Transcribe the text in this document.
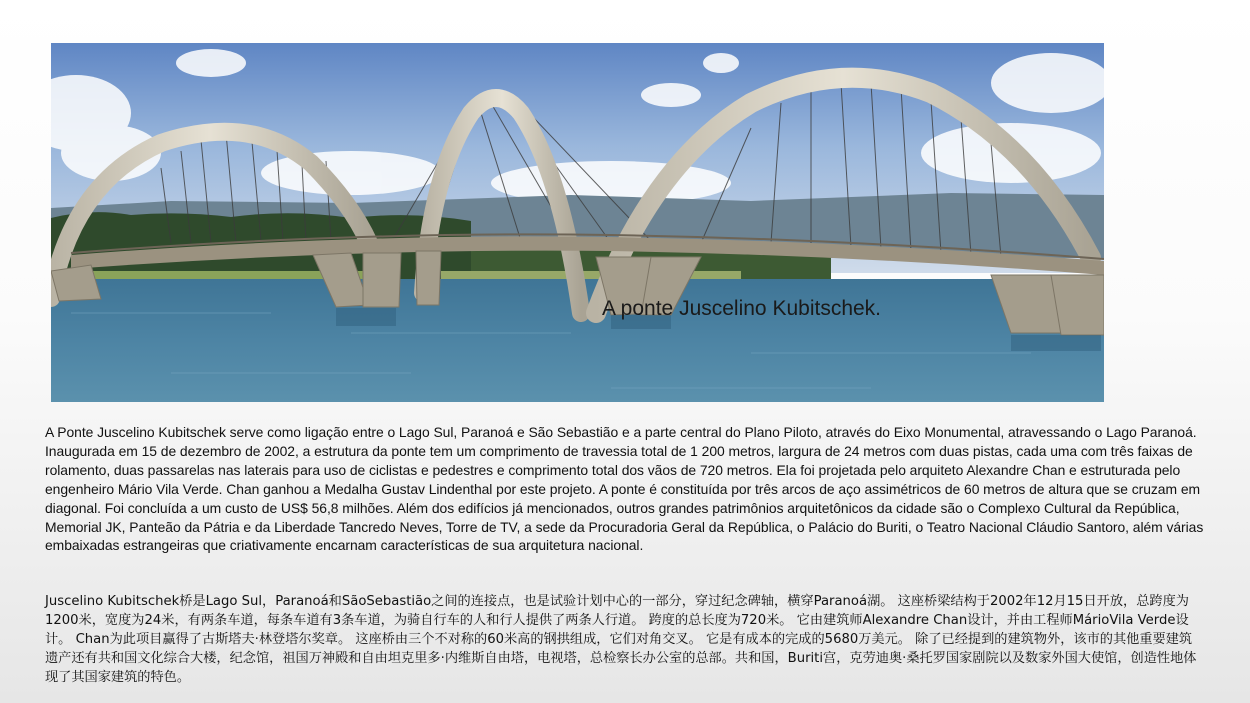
A ponte Juscelino Kubitschek.

A Ponte Juscelino Kubitschek serve como ligação entre o Lago Sul, Paranoá e São Sebastião e a parte central do Plano Piloto, através do Eixo Monumental, atravessando o Lago Paranoá. Inaugurada em 15 de dezembro de 2002, a estrutura da ponte tem um comprimento de travessia total de 1 200 metros, largura de 24 metros com duas pistas, cada uma com três faixas de rolamento, duas passarelas nas laterais para uso de ciclistas e pedestres e comprimento total dos vãos de 720 metros. Ela foi projetada pelo arquiteto Alexandre Chan e estruturada pelo engenheiro Mário Vila Verde. Chan ganhou a Medalha Gustav Lindenthal por este projeto. A ponte é constituída por três arcos de aço assimétricos de 60 metros de altura que se cruzam em diagonal. Foi concluída a um custo de US$ 56,8 milhões. Além dos edifícios já mencionados, outros grandes patrimônios arquitetônicos da cidade são o Complexo Cultural da República, Memorial JK, Panteão da Pátria e da Liberdade Tancredo Neves, Torre de TV, a sede da Procuradoria Geral da República, o Palácio do Buriti, o Teatro Nacional Cláudio Santoro, além várias embaixadas estrangeiras que criativamente encarnam características de sua arquitetura nacional.

Juscelino Kubitschek桥是Lago Sul，Paranoá和SãoSebastião之间的连接点，也是试验计划中心的一部分，穿过纪念碑轴，横穿Paranoá湖。 这座桥梁结构于2002年12月15日开放，总跨度为1200米，宽度为24米，有两条车道，每条车道有3条车道，为骑自行车的人和行人提供了两条人行道。 跨度的总长度为720米。 它由建筑师Alexandre Chan设计，并由工程师MárioVila Verde设计。 Chan为此项目赢得了古斯塔夫·林登塔尔奖章。 这座桥由三个不对称的60米高的钢拱组成，它们对角交叉。 它是有成本的完成的5680万美元。 除了已经提到的建筑物外，该市的其他重要建筑遗产还有共和国文化综合大楼，纪念馆，祖国万神殿和自由坦克里多·内维斯自由塔，电视塔，总检察长办公室的总部。共和国，Buriti宫，克劳迪奥·桑托罗国家剧院以及数家外国大使馆，创造性地体现了其国家建筑的特色。
